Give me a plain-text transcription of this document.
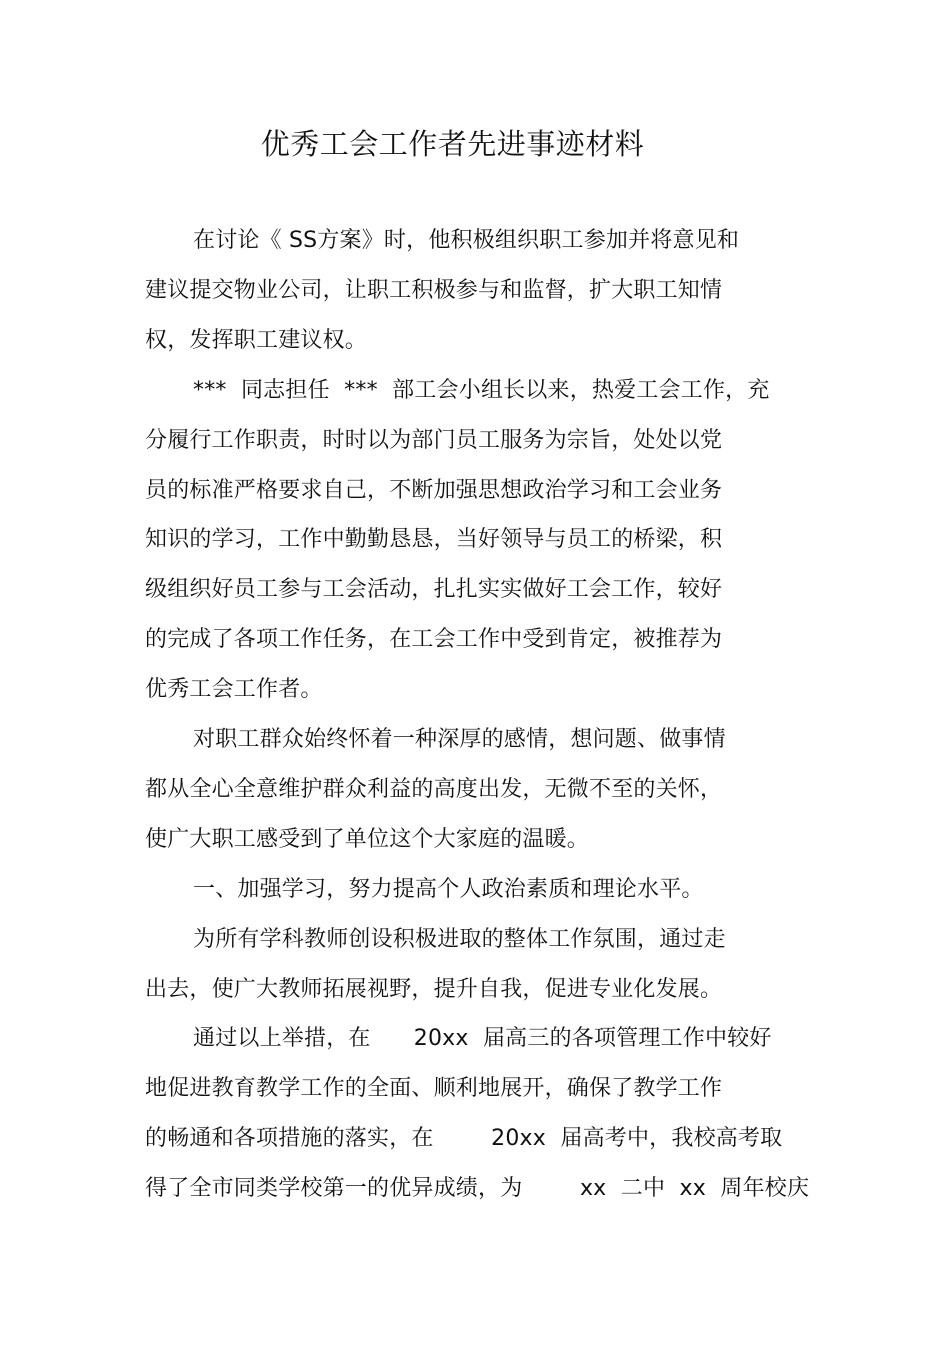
优秀工会工作者先进事迹材料
在讨论《 SS方案》时，他积极组织职工参加并将意见和
建议提交物业公司，让职工积极参与和监督，扩大职工知情
权，发挥职工建议权。
***  同志担任  ***  部工会小组长以来，热爱工会工作，充
分履行工作职责，时时以为部门员工服务为宗旨，处处以党
员的标准严格要求自己，不断加强思想政治学习和工会业务
知识的学习，工作中勤勤恳恳，当好领导与员工的桥梁，积
级组织好员工参与工会活动，扎扎实实做好工会工作，较好
的完成了各项工作任务，在工会工作中受到肯定，被推荐为
优秀工会工作者。
对职工群众始终怀着一种深厚的感情，想问题、做事情
都从全心全意维护群众利益的高度出发，无微不至的关怀，
使广大职工感受到了单位这个大家庭的温暖。
一、加强学习，努力提高个人政治素质和理论水平。
为所有学科教师创设积极进取的整体工作氛围，通过走
出去，使广大教师拓展视野，提升自我，促进专业化发展。
通过以上举措，在      20xx  届高三的各项管理工作中较好
地促进教育教学工作的全面、顺利地展开，确保了教学工作
的畅通和各项措施的落实，在        20xx  届高考中，我校高考取
得了全市同类学校第一的优异成绩，为        xx  二中  xx  周年校庆
